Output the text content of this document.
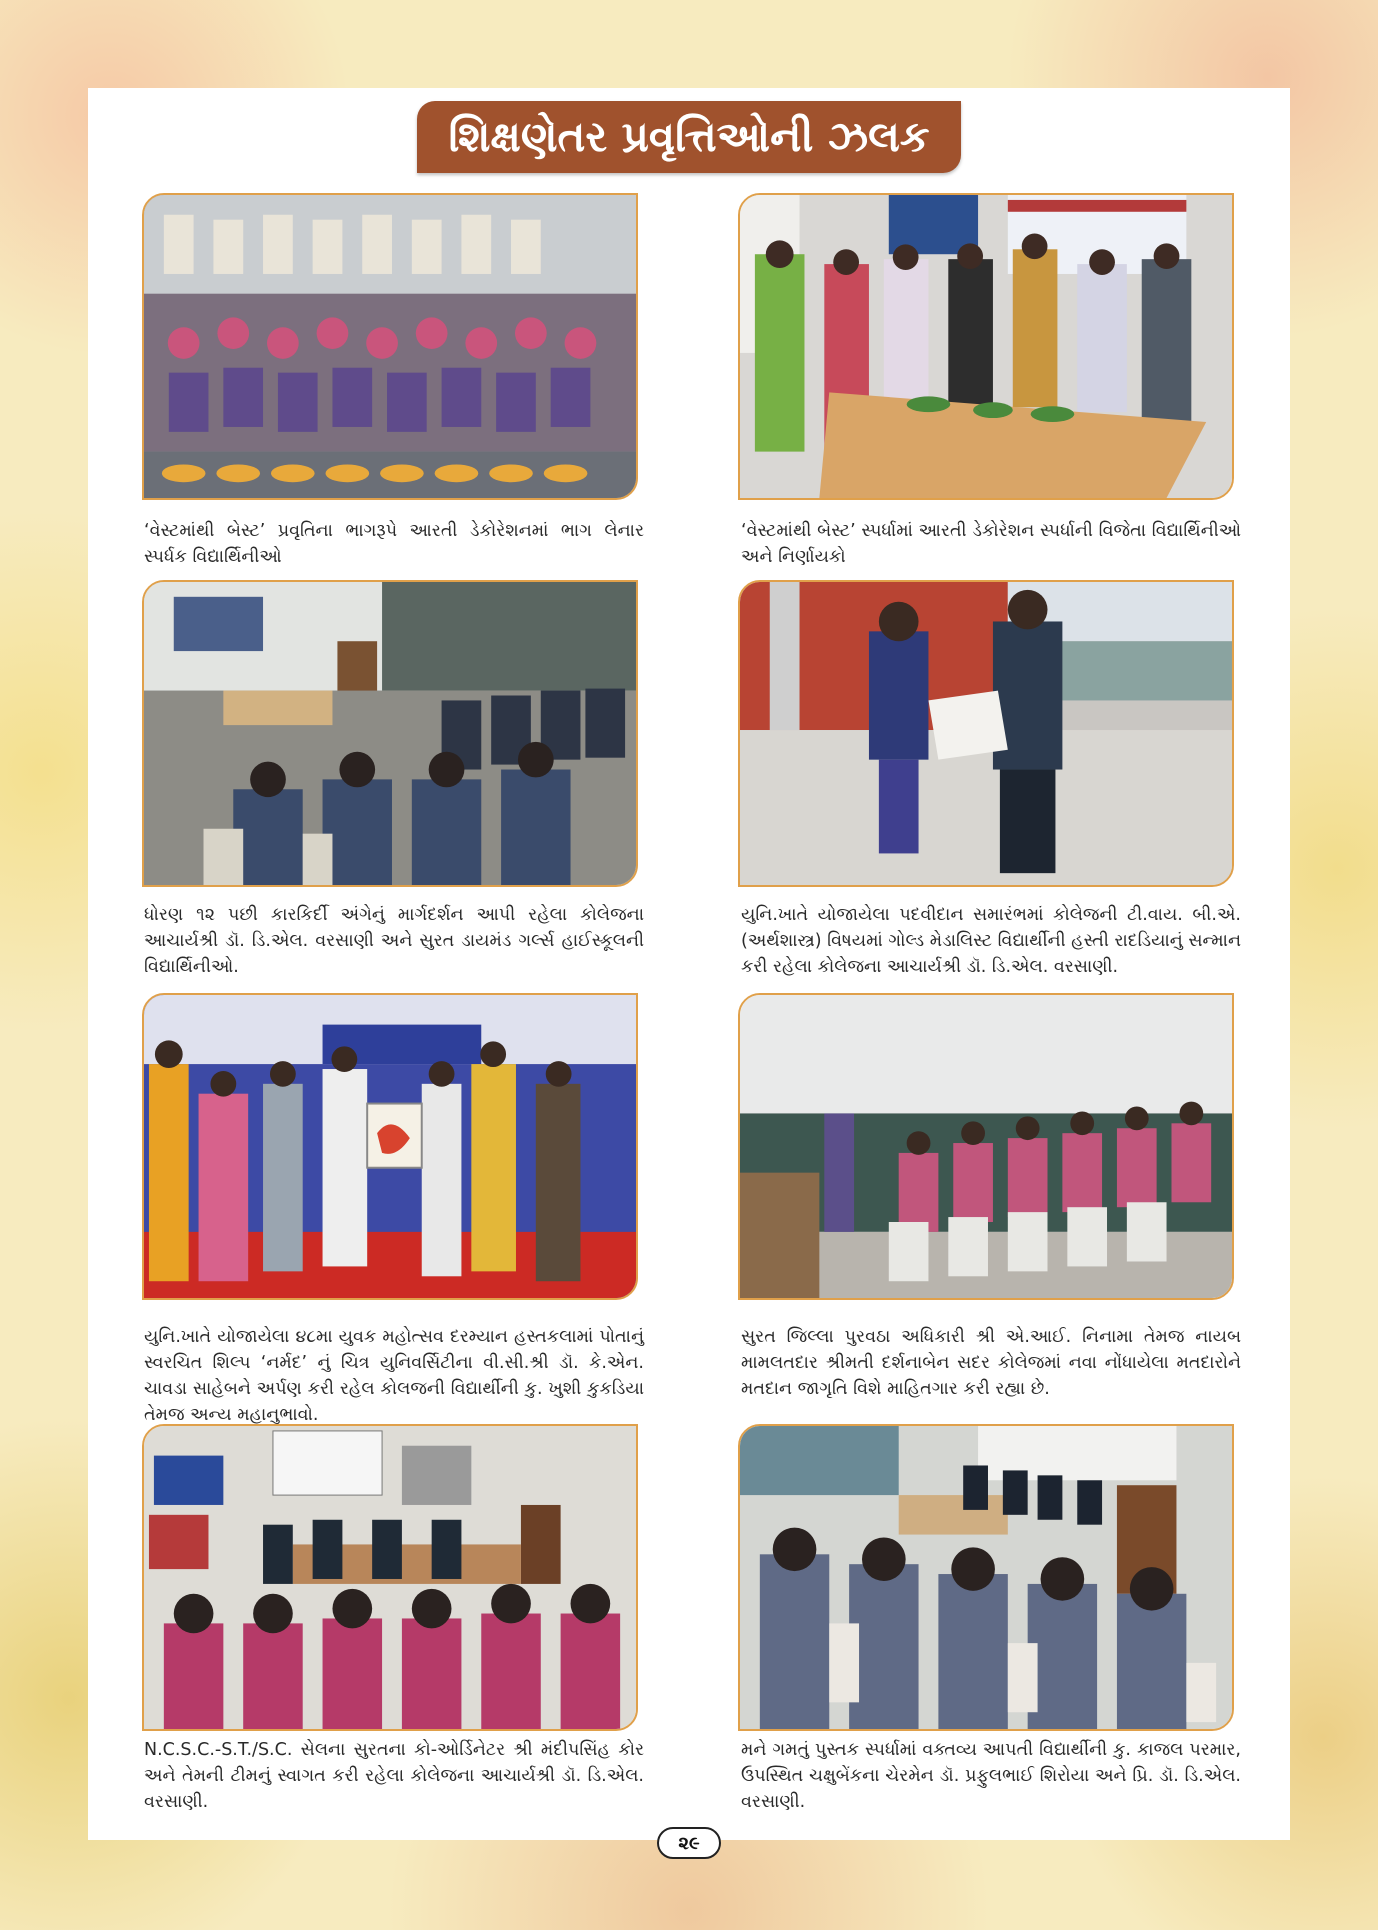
શિક્ષણેતર પ્રવૃત્તિઓની ઝલક
‘વેસ્ટમાંથી બેસ્ટ’ પ્રવૃતિના ભાગરૂપે આરતી ડેકોરેશનમાં ભાગ લેનાર સ્પર્ધક વિદ્યાર્થિનીઓ
‘વેસ્ટમાંથી બેસ્ટ’ સ્પર્ધામાં આરતી ડેકોરેશન સ્પર્ધાની વિજેતા વિદ્યાર્થિનીઓ અને નિર્ણાયકો
ધોરણ ૧૨ પછી કારકિર્દી અંગેનું માર્ગદર્શન આપી રહેલા કોલેજના આચાર્યશ્રી ડૉ. ડિ.એલ. વરસાણી અને સુરત ડાયમંડ ગર્લ્સ હાઈસ્કૂલની વિદ્યાર્થિનીઓ.
યુનિ.ખાતે યોજાયેલા પદવીદાન સમારંભમાં કોલેજની ટી.વાય. બી.એ. (અર્થશાસ્ત્ર) વિષયમાં ગોલ્ડ મેડાલિસ્ટ વિદ્યાર્થીની હસ્તી રાદડિયાનું સન્માન કરી રહેલા કોલેજના આચાર્યશ્રી ડૉ. ડિ.એલ. વરસાણી.
યુનિ.ખાતે યોજાયેલા ૪૮મા યુવક મહોત્સવ દરમ્યાન હસ્તકલામાં પોતાનું સ્વરચિત શિલ્પ ‘નર્મદ’ નું ચિત્ર યુનિવર્સિટીના વી.સી.શ્રી ડૉ. કે.એન. ચાવડા સાહેબને અર્પણ કરી રહેલ કોલજની વિદ્યાર્થીની કુ. ખુશી કુકડિયા તેમજ અન્ય મહાનુભાવો.
સુરત જિલ્લા પુરવઠા અધિકારી શ્રી એ.આઈ. નિનામા તેમજ નાયબ મામલતદાર શ્રીમતી દર્શનાબેન સદર કોલેજમાં નવા નોંધાયેલા મતદારોને મતદાન જાગૃતિ વિશે માહિતગાર કરી રહ્યા છે.
N.C.S.C.-S.T./S.C. સેલના સુરતના કો-ઓર્ડિનેટર શ્રી મંદીપસિંહ કોર અને તેમની ટીમનું સ્વાગત કરી રહેલા કોલેજના આચાર્યશ્રી ડૉ. ડિ.એલ. વરસાણી.
મને ગમતું પુસ્તક સ્પર્ધામાં વક્તવ્ય આપતી વિદ્યાર્થીની કુ. કાજલ પરમાર, ઉપસ્થિત ચક્ષુબેંકના ચેરમેન ડૉ. પ્રફુલભાઈ શિરોયા અને પ્રિ. ડૉ. ડિ.એલ. વરસાણી.
૨૯
